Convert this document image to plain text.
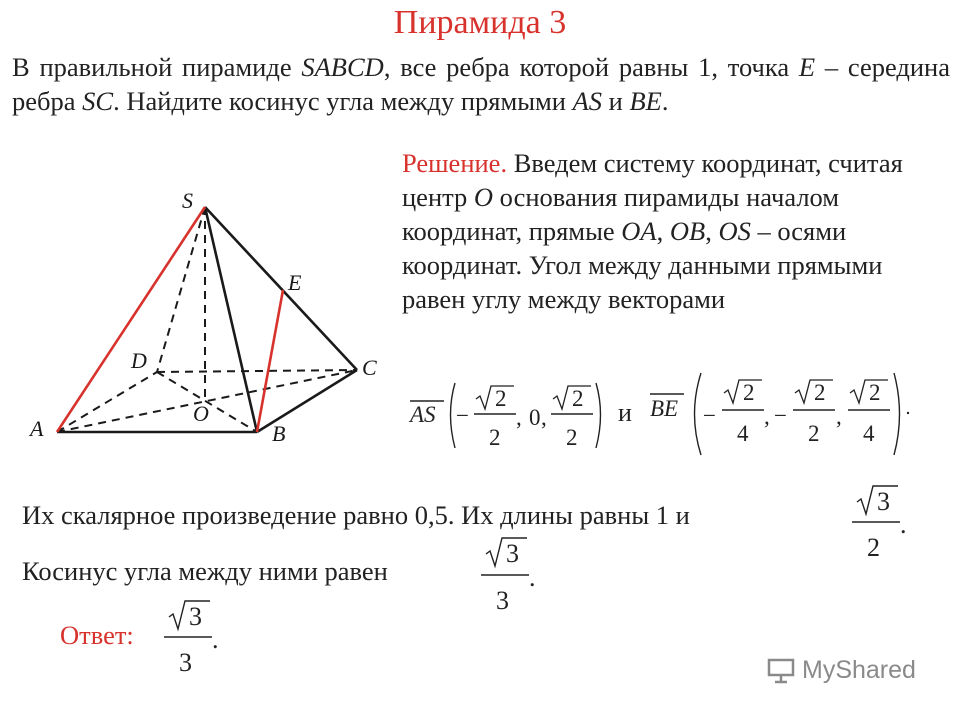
Пирамида 3
В правильной пирамиде SABCD, все ребра которой равны 1, точка E – середина ребра SC. Найдите косинус угла между прямыми AS и BE.
Решение. Введем систему координат, считая центр O основания пирамиды началом координат, прямые OA, OB, OS – осями координат. Угол между данными прямыми равен углу между векторами
S
A	B
C
D
O
E
AS −
2
2
, 0 ,
2
2
и BE −
2
4
, −
2
2
,
2
4
Их скалярное произведение равно 0,5. Их длины равны 1 и	3
2
.
Косинус угла между ними равен
3
3
.
Ответ:
3
3
.
MyShared
